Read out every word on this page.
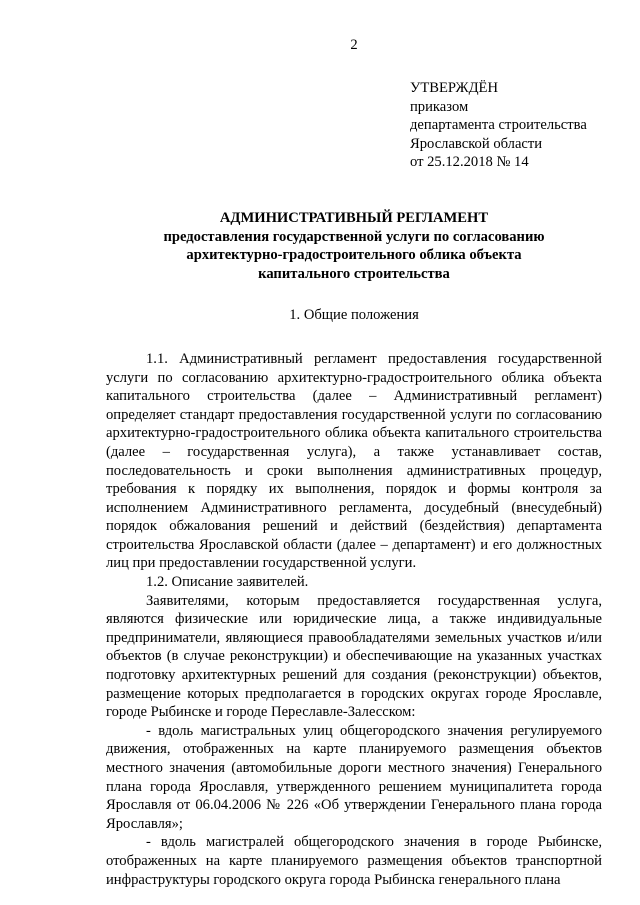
2
УТВЕРЖДЁН
приказом
департамента строительства
Ярославской области
от 25.12.2018 № 14
АДМИНИСТРАТИВНЫЙ РЕГЛАМЕНТ
предоставления государственной услуги по согласованию
архитектурно-градостроительного облика объекта
капитального строительства
1. Общие положения

1.1. Административный регламент предоставления государственной услуги по согласованию архитектурно-градостроительного облика объекта капитального строительства (далее – Административный регламент) определяет стандарт предоставления государственной услуги по согласованию архитектурно-градостроительного облика объекта капитального строительства (далее – государственная услуга), а также устанавливает состав, последовательность и сроки выполнения административных процедур, требования к порядку их выполнения, порядок и формы контроля за исполнением Административного регламента, досудебный (внесудебный) порядок обжалования решений и действий (бездействия) департамента строительства Ярославской области (далее – департамент) и его должностных лиц при предоставлении государственной услуги.

1.2. Описание заявителей.

Заявителями, которым предоставляется государственная услуга, являются физические или юридические лица, а также индивидуальные предприниматели, являющиеся правообладателями земельных участков и/или объектов (в случае реконструкции) и обеспечивающие на указанных участках подготовку архитектурных решений для создания (реконструкции) объектов, размещение которых предполагается в городских округах городе Ярославле, городе Рыбинске и городе Переславле-Залесском:

- вдоль магистральных улиц общегородского значения регулируемого движения, отображенных на карте планируемого размещения объектов местного значения (автомобильные дороги местного значения) Генерального плана города Ярославля, утвержденного решением муниципалитета города Ярославля от 06.04.2006 № 226 «Об утверждении Генерального плана города Ярославля»;

- вдоль магистралей общегородского значения в городе Рыбинске, отображенных на карте планируемого размещения объектов транспортной инфраструктуры городского округа города Рыбинска генерального плана
